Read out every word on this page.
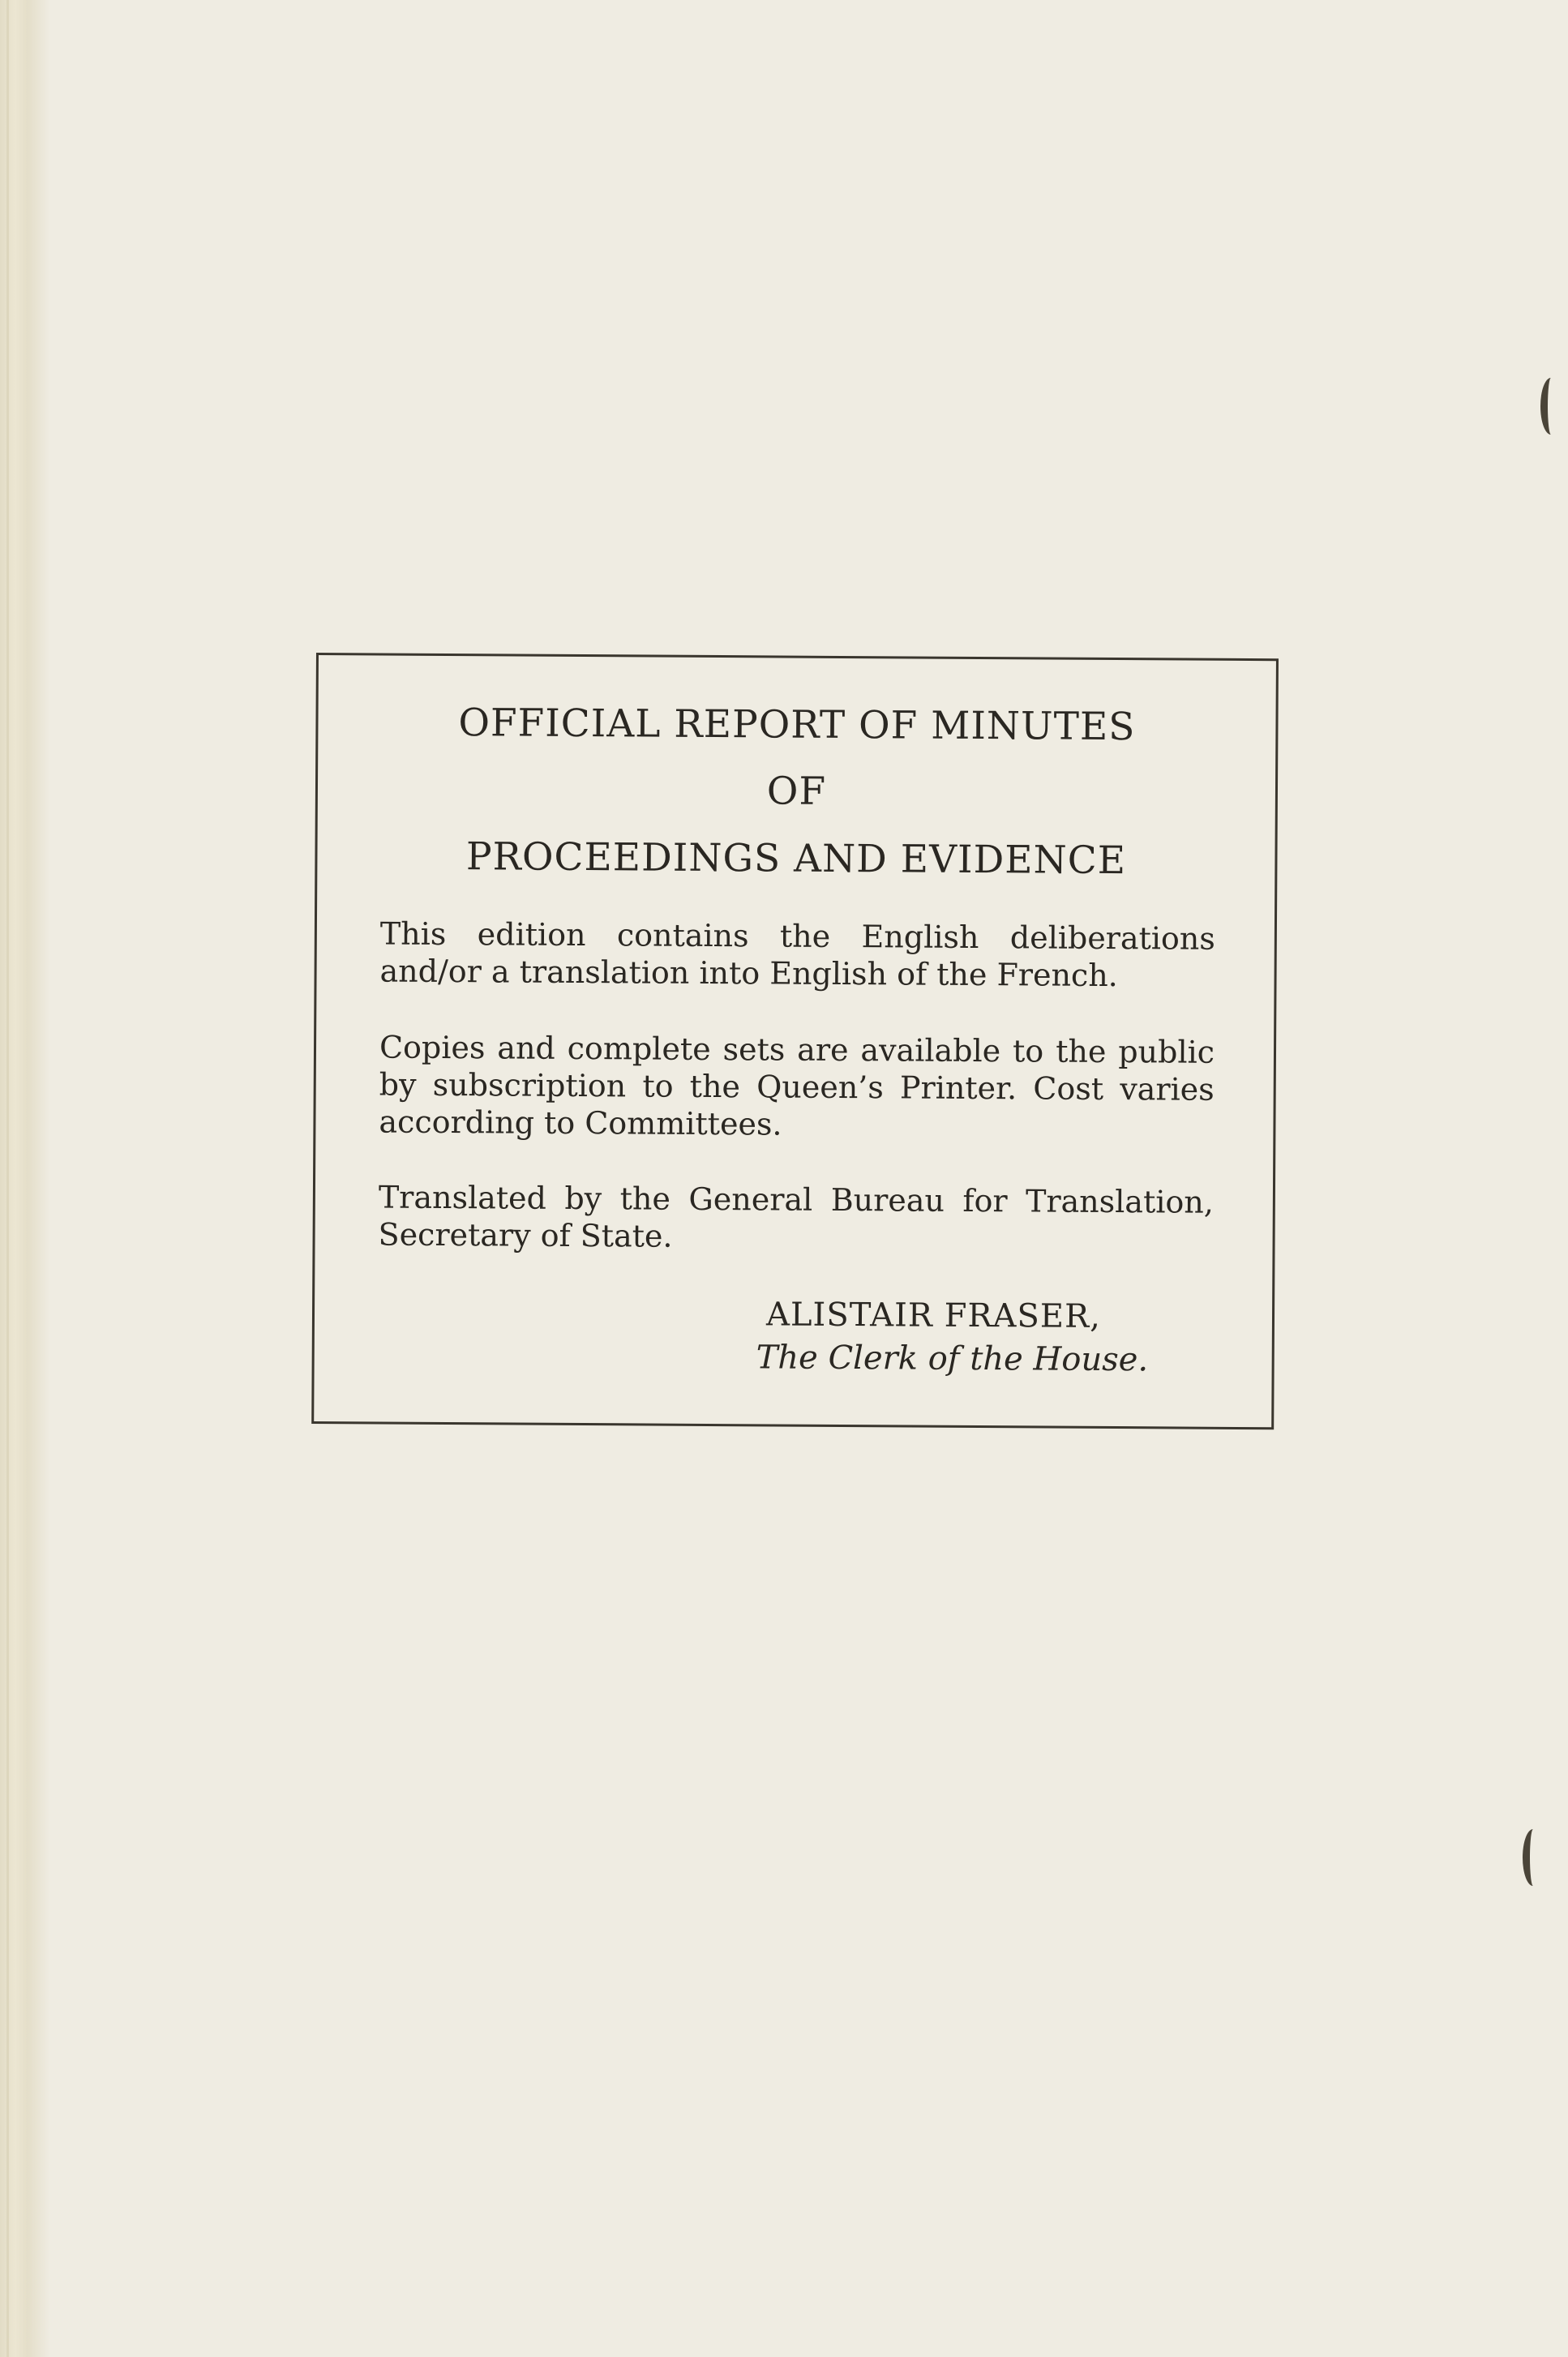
OFFICIAL REPORT OF MINUTES
OF
PROCEEDINGS AND EVIDENCE

This edition contains the English deliberations and/or a translation into English of the French.

Copies and complete sets are available to the public by subscription to the Queen’s Printer. Cost varies according to Committees.

Translated by the General Bureau for Translation, Secretary of State.

ALISTAIR FRASER,
The Clerk of the House.
